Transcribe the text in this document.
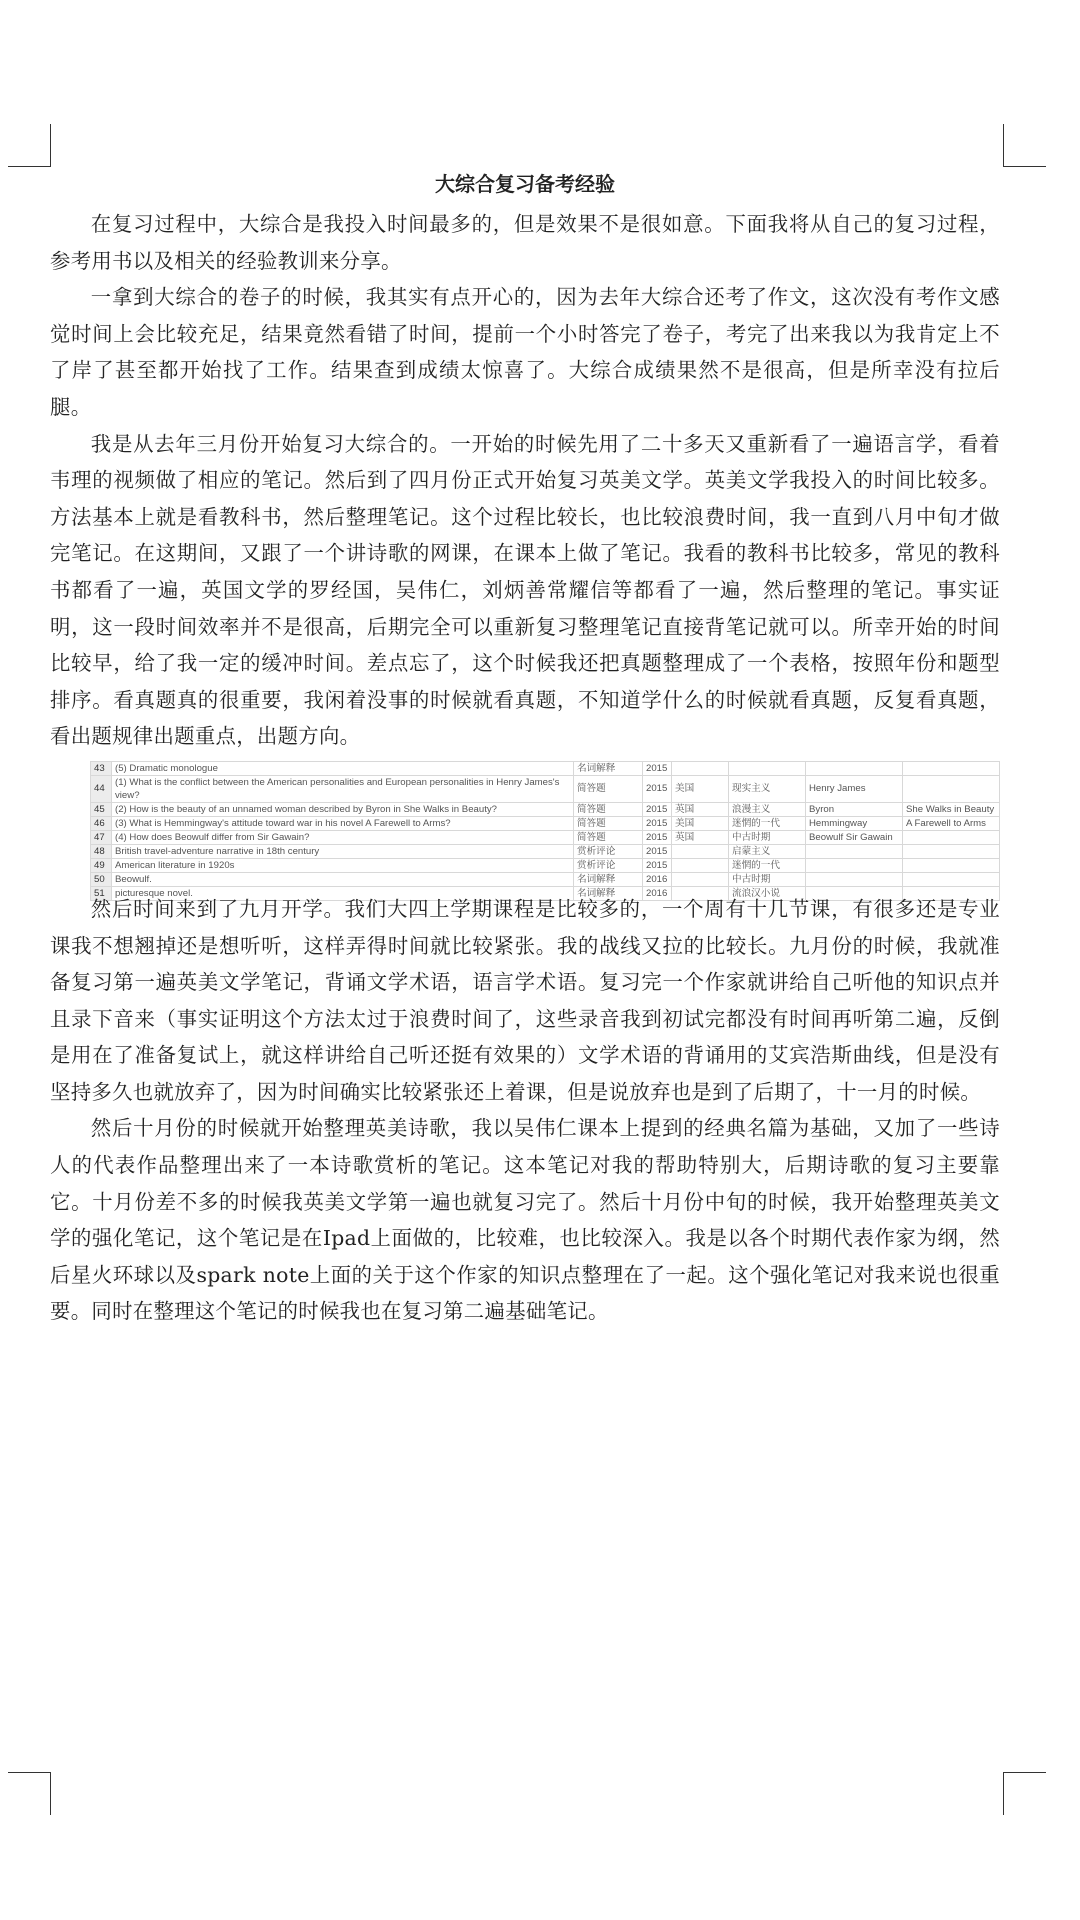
大综合复习备考经验

在复习过程中，大综合是我投入时间最多的，但是效果不是很如意。下面我将从自己的复习过程，参考用书以及相关的经验教训来分享。

一拿到大综合的卷子的时候，我其实有点开心的，因为去年大综合还考了作文，这次没有考作文感觉时间上会比较充足，结果竟然看错了时间，提前一个小时答完了卷子，考完了出来我以为我肯定上不了岸了甚至都开始找了工作。结果查到成绩太惊喜了。大综合成绩果然不是很高，但是所幸没有拉后腿。

我是从去年三月份开始复习大综合的。一开始的时候先用了二十多天又重新看了一遍语言学，看着韦理的视频做了相应的笔记。然后到了四月份正式开始复习英美文学。英美文学我投入的时间比较多。方法基本上就是看教科书，然后整理笔记。这个过程比较长，也比较浪费时间，我一直到八月中旬才做完笔记。在这期间，又跟了一个讲诗歌的网课，在课本上做了笔记。我看的教科书比较多，常见的教科书都看了一遍，英国文学的罗经国，吴伟仁，刘炳善常耀信等都看了一遍，然后整理的笔记。事实证明，这一段时间效率并不是很高，后期完全可以重新复习整理笔记直接背笔记就可以。所幸开始的时间比较早，给了我一定的缓冲时间。差点忘了，这个时候我还把真题整理成了一个表格，按照年份和题型排序。看真题真的很重要，我闲着没事的时候就看真题，不知道学什么的时候就看真题，反复看真题，看出题规律出题重点，出题方向。

43	(5) Dramatic monologue	名词解释	2015				
44	(1) What is the conflict between the American personalities and European personalities in Henry James's view?	简答题	2015	美国	现实主义	Henry James	
45	(2) How is the beauty of an unnamed woman described by Byron in She Walks in Beauty?	简答题	2015	英国	浪漫主义	Byron	She Walks in Beauty
46	(3) What is Hemmingway's attitude toward war in his novel A Farewell to Arms?	简答题	2015	美国	迷惘的一代	Hemmingway	A Farewell to Arms
47	(4) How does Beowulf differ from Sir Gawain?	简答题	2015	英国	中古时期	Beowulf Sir Gawain	
48	British travel-adventure narrative in 18th century	赏析评论	2015		启蒙主义		
49	American literature in 1920s	赏析评论	2015		迷惘的一代		
50	Beowulf.	名词解释	2016		中古时期		
51	picturesque novel.	名词解释	2016		流浪汉小说		

然后时间来到了九月开学。我们大四上学期课程是比较多的，一个周有十几节课，有很多还是专业课我不想翘掉还是想听听，这样弄得时间就比较紧张。我的战线又拉的比较长。九月份的时候，我就准备复习第一遍英美文学笔记，背诵文学术语，语言学术语。复习完一个作家就讲给自己听他的知识点并且录下音来（事实证明这个方法太过于浪费时间了，这些录音我到初试完都没有时间再听第二遍，反倒是用在了准备复试上，就这样讲给自己听还挺有效果的）文学术语的背诵用的艾宾浩斯曲线，但是没有坚持多久也就放弃了，因为时间确实比较紧张还上着课，但是说放弃也是到了后期了，十一月的时候。

然后十月份的时候就开始整理英美诗歌，我以吴伟仁课本上提到的经典名篇为基础，又加了一些诗人的代表作品整理出来了一本诗歌赏析的笔记。这本笔记对我的帮助特别大，后期诗歌的复习主要靠它。十月份差不多的时候我英美文学第一遍也就复习完了。然后十月份中旬的时候，我开始整理英美文学的强化笔记，这个笔记是在Ipad上面做的，比较难，也比较深入。我是以各个时期代表作家为纲，然后星火环球以及spark note上面的关于这个作家的知识点整理在了一起。这个强化笔记对我来说也很重要。同时在整理这个笔记的时候我也在复习第二遍基础笔记。
